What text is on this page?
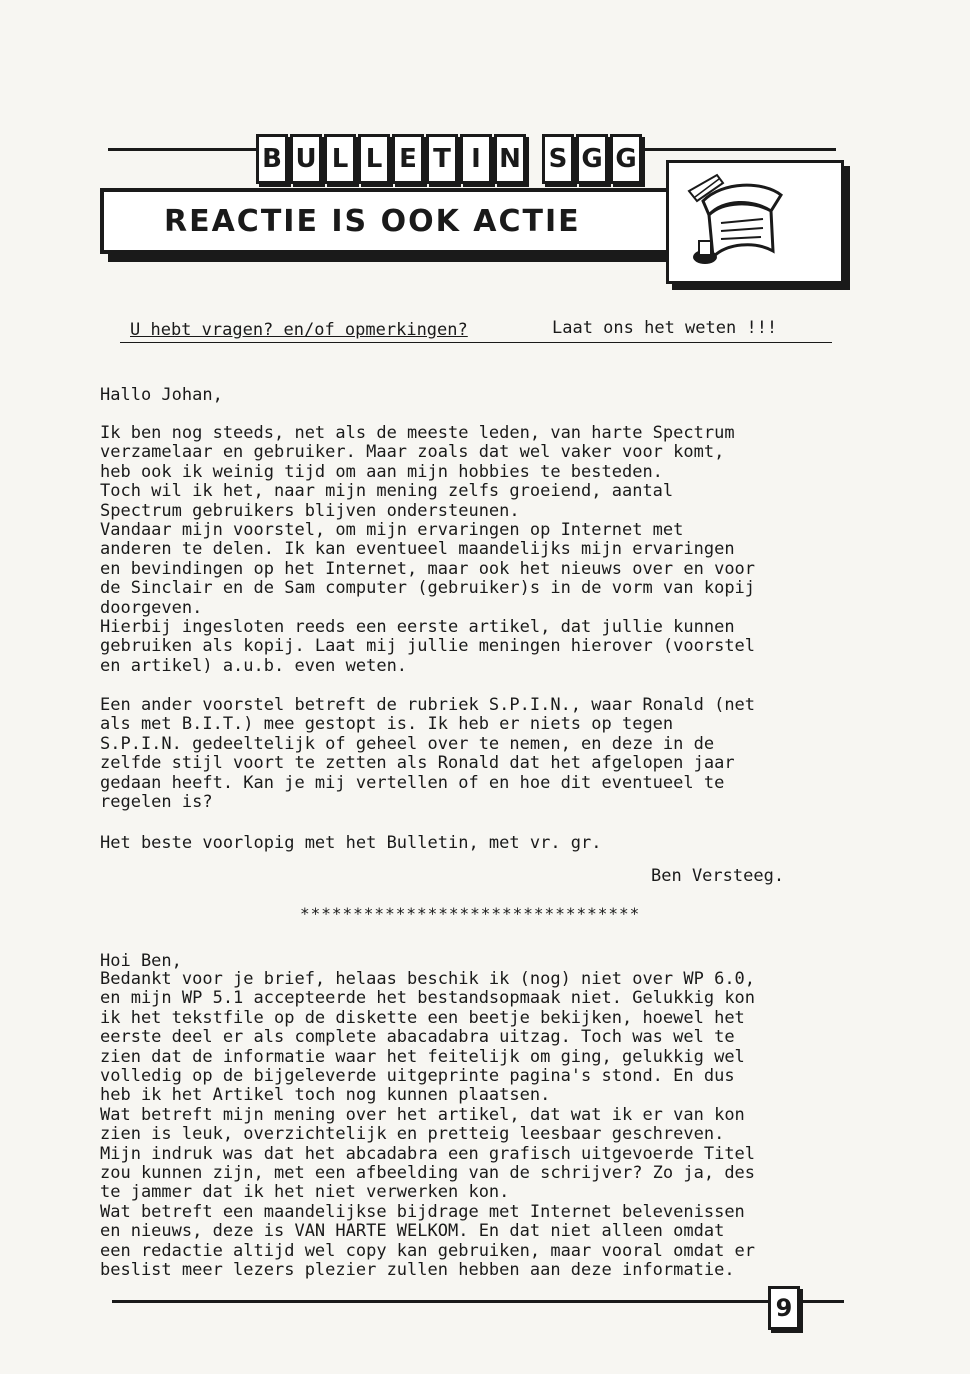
B U L L E T I N S G G
REACTIE IS OOK ACTIE
U hebt vragen? en/of opmerkingen?	Laat ons het weten !!!
Hallo Johan,
Ik ben nog steeds, net als de meeste leden, van harte Spectrum
verzamelaar en gebruiker. Maar zoals dat wel vaker voor komt,
heb ook ik weinig tijd om aan mijn hobbies te besteden.
Toch wil ik het, naar mijn mening zelfs groeiend, aantal
Spectrum gebruikers blijven ondersteunen.
Vandaar mijn voorstel, om mijn ervaringen op Internet met
anderen te delen. Ik kan eventueel maandelijks mijn ervaringen
en bevindingen op het Internet, maar ook het nieuws over en voor
de Sinclair en de Sam computer (gebruiker)s in de vorm van kopij
doorgeven.
Hierbij ingesloten reeds een eerste artikel, dat jullie kunnen
gebruiken als kopij. Laat mij jullie meningen hierover (voorstel
en artikel) a.u.b. even weten.
Een ander voorstel betreft de rubriek S.P.I.N., waar Ronald (net
als met B.I.T.) mee gestopt is. Ik heb er niets op tegen
S.P.I.N. gedeeltelijk of geheel over te nemen, en deze in de
zelfde stijl voort te zetten als Ronald dat het afgelopen jaar
gedaan heeft. Kan je mij vertellen of en hoe dit eventueel te
regelen is?
Het beste voorlopig met het Bulletin, met vr. gr.
Ben Versteeg.
********************************
Hoi Ben,
Bedankt voor je brief, helaas beschik ik (nog) niet over WP 6.0,
en mijn WP 5.1 accepteerde het bestandsopmaak niet. Gelukkig kon
ik het tekstfile op de diskette een beetje bekijken, hoewel het
eerste deel er als complete abacadabra uitzag. Toch was wel te
zien dat de informatie waar het feitelijk om ging, gelukkig wel
volledig op de bijgeleverde uitgeprinte pagina's stond. En dus
heb ik het Artikel toch nog kunnen plaatsen.
Wat betreft mijn mening over het artikel, dat wat ik er van kon
zien is leuk, overzichtelijk en pretteig leesbaar geschreven.
Mijn indruk was dat het abcadabra een grafisch uitgevoerde Titel
zou kunnen zijn, met een afbeelding van de schrijver? Zo ja, des
te jammer dat ik het niet verwerken kon.
Wat betreft een maandelijkse bijdrage met Internet belevenissen
en nieuws, deze is VAN HARTE WELKOM. En dat niet alleen omdat
een redactie altijd wel copy kan gebruiken, maar vooral omdat er
beslist meer lezers plezier zullen hebben aan deze informatie.
9
